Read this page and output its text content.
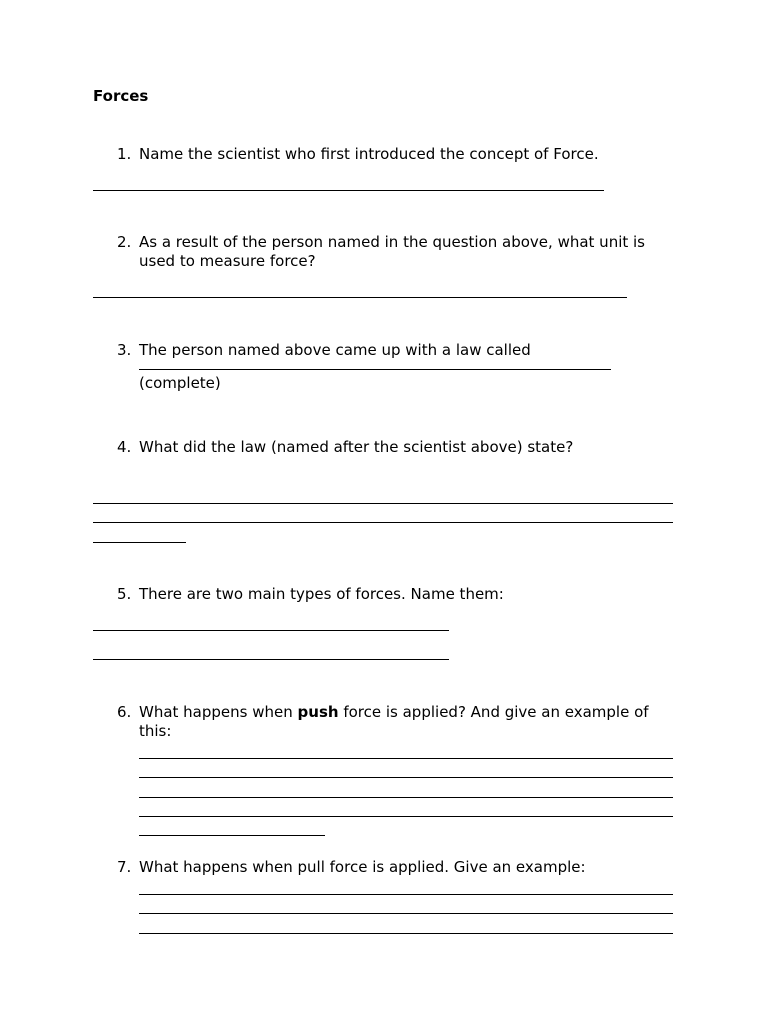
Forces
1. Name the scientist who first introduced the concept of Force.
2. As a result of the person named in the question above, what unit is used to measure force?
3. The person named above came up with a law called
(complete)
4. What did the law (named after the scientist above) state?
5. There are two main types of forces. Name them:
6. What happens when push force is applied? And give an example of this:
7. What happens when pull force is applied. Give an example:
